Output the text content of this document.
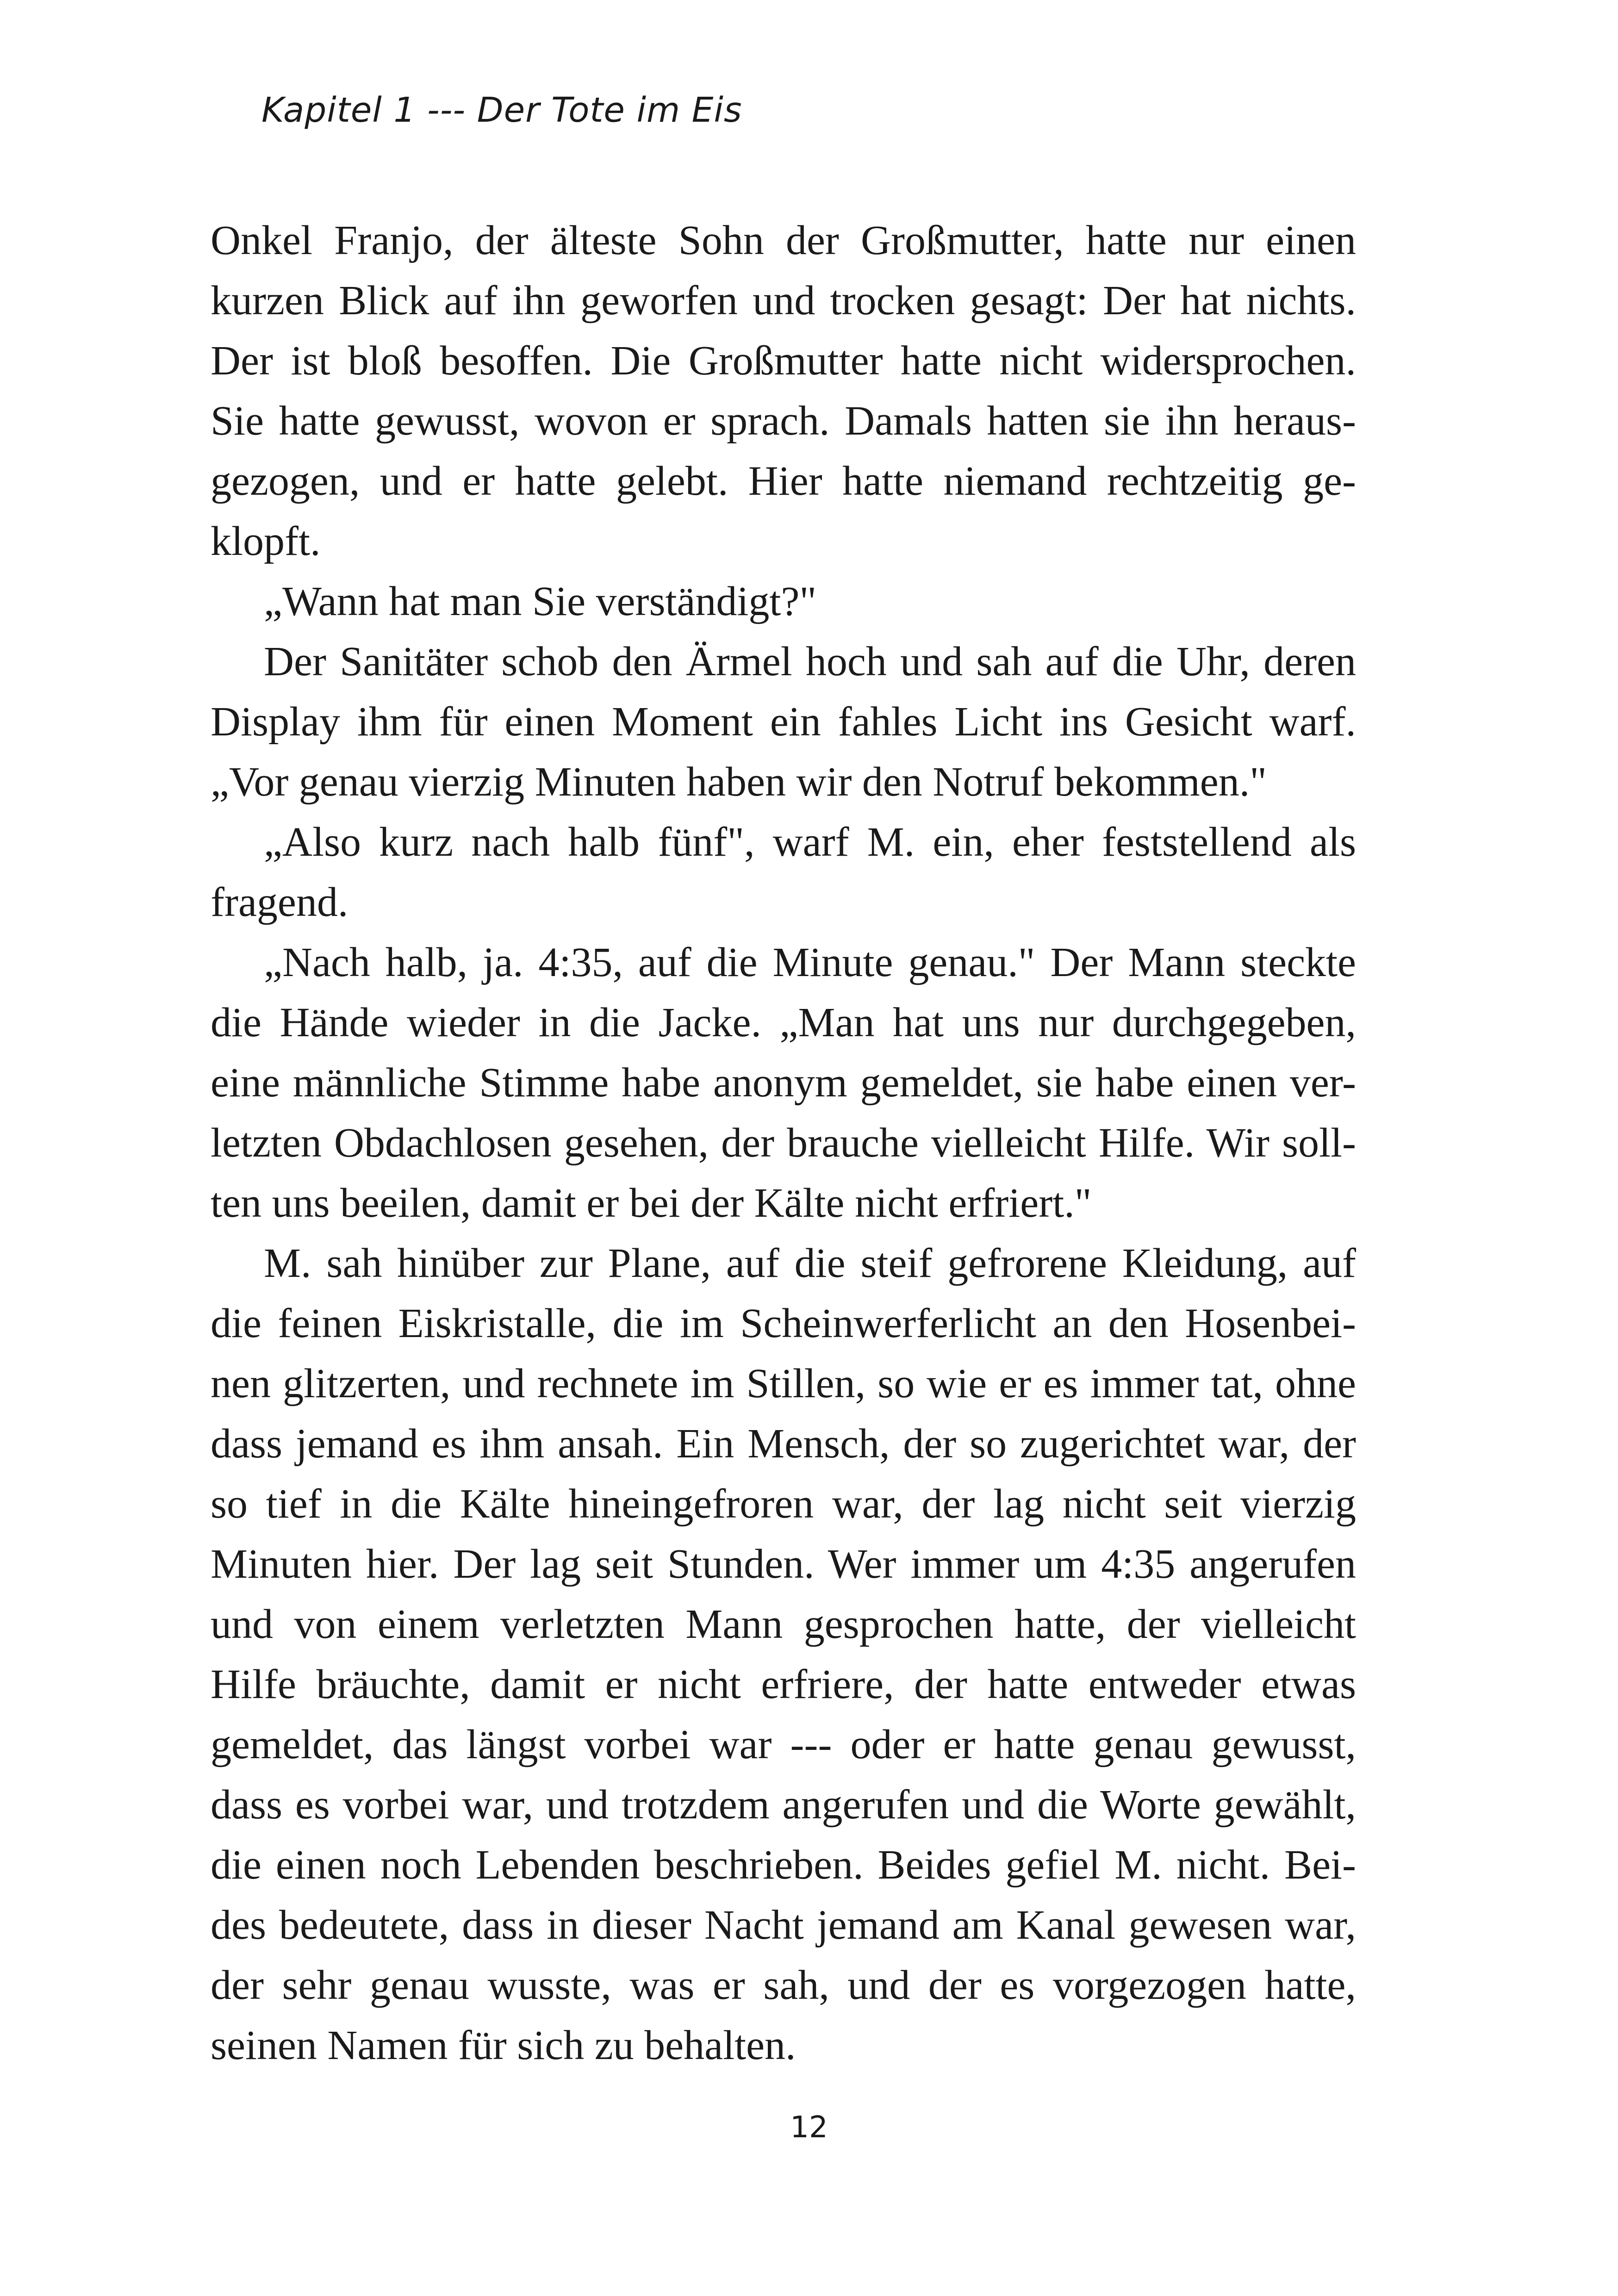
Kapitel 1 --- Der Tote im Eis
Onkel Franjo, der älteste Sohn der Großmutter, hatte nur einen
kurzen Blick auf ihn geworfen und trocken gesagt: Der hat nichts.
Der ist bloß besoffen. Die Großmutter hatte nicht widersprochen.
Sie hatte gewusst, wovon er sprach. Damals hatten sie ihn heraus-
gezogen, und er hatte gelebt. Hier hatte niemand rechtzeitig ge-
klopft.
„Wann hat man Sie verständigt?"
Der Sanitäter schob den Ärmel hoch und sah auf die Uhr, deren
Display ihm für einen Moment ein fahles Licht ins Gesicht warf.
„Vor genau vierzig Minuten haben wir den Notruf bekommen."
„Also kurz nach halb fünf", warf M. ein, eher feststellend als
fragend.
„Nach halb, ja. 4:35, auf die Minute genau." Der Mann steckte
die Hände wieder in die Jacke. „Man hat uns nur durchgegeben,
eine männliche Stimme habe anonym gemeldet, sie habe einen ver-
letzten Obdachlosen gesehen, der brauche vielleicht Hilfe. Wir soll-
ten uns beeilen, damit er bei der Kälte nicht erfriert."
M. sah hinüber zur Plane, auf die steif gefrorene Kleidung, auf
die feinen Eiskristalle, die im Scheinwerferlicht an den Hosenbei-
nen glitzerten, und rechnete im Stillen, so wie er es immer tat, ohne
dass jemand es ihm ansah. Ein Mensch, der so zugerichtet war, der
so tief in die Kälte hineingefroren war, der lag nicht seit vierzig
Minuten hier. Der lag seit Stunden. Wer immer um 4:35 angerufen
und von einem verletzten Mann gesprochen hatte, der vielleicht
Hilfe bräuchte, damit er nicht erfriere, der hatte entweder etwas
gemeldet, das längst vorbei war --- oder er hatte genau gewusst,
dass es vorbei war, und trotzdem angerufen und die Worte gewählt,
die einen noch Lebenden beschrieben. Beides gefiel M. nicht. Bei-
des bedeutete, dass in dieser Nacht jemand am Kanal gewesen war,
der sehr genau wusste, was er sah, und der es vorgezogen hatte,
seinen Namen für sich zu behalten.
12
